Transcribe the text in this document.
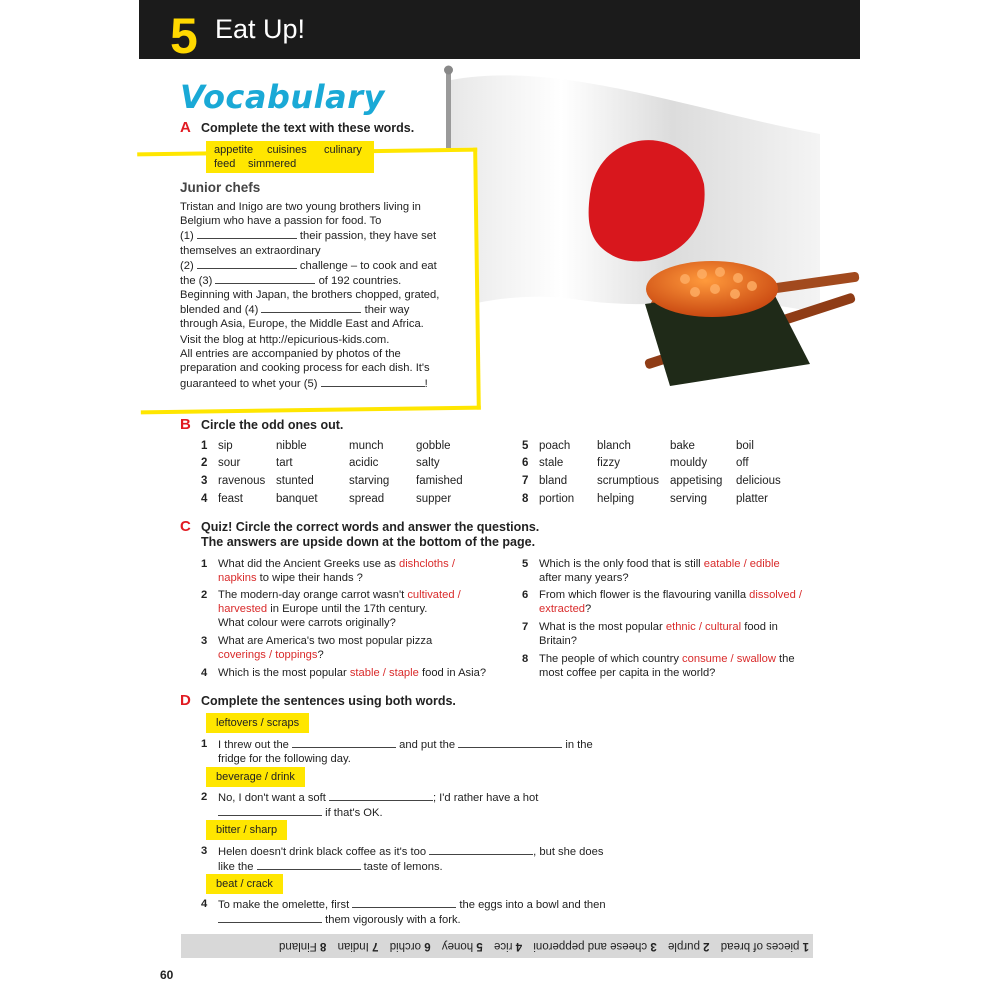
5 Eat Up!
Vocabulary
A Complete the text with these words.
appetite cuisines culinary
feed simmered
Junior chefs
Tristan and Inigo are two young brothers living in
Belgium who have a passion for food. To
(1)	their passion, they have set
themselves an extraordinary
(2)	challenge – to cook and eat
the (3)	of 192 countries.
Beginning with Japan, the brothers chopped, grated,
blended and (4)	their way
through Asia, Europe, the Middle East and Africa.
Visit the blog at http://epicurious-kids.com.
All entries are accompanied by photos of the
preparation and cooking process for each dish. It's
guaranteed to whet your (5)	!
B Circle the odd ones out.
1 sip	nibble	munch	gobble
2 sour	tart	acidic	salty
3 ravenous stunted	starving famished
4 feast	banquet	spread	supper
5 poach blanch	bake	boil
6 stale	fizzy	mouldy	off
7 bland	scrumptious appetising delicious
8 portion helping	serving	platter
C Quiz! Circle the correct words and answer the questions.
The answers are upside down at the bottom of the page.
1 What did the Ancient Greeks use as dishcloths /
napkins to wipe their hands ?
2 The modern-day orange carrot wasn't cultivated /
harvested in Europe until the 17th century.
What colour were carrots originally?
3 What are America's two most popular pizza
coverings / toppings?
4 Which is the most popular stable / staple food in Asia?
5 Which is the only food that is still eatable / edible
after many years?
6 From which flower is the flavouring vanilla dissolved /
extracted?
7 What is the most popular ethnic / cultural food in
Britain?
8 The people of which country consume / swallow the
most coffee per capita in the world?
D Complete the sentences using both words.
leftovers / scraps
1 I threw out the	and put the	in the
fridge for the following day.
beverage / drink
2 No, I don't want a soft	; I'd rather have a hot
if that's OK.
bitter / sharp
3 Helen doesn't drink black coffee as it's too	, but she does
like the	taste of lemons.
beat / crack
4 To make the omelette, first	the eggs into a bowl and then
them vigorously with a fork.
1 pieces of bread 2 purple 3 cheese and pepperoni 4 rice 5 honey 6 orchid 7 Indian 8 Finland
60
